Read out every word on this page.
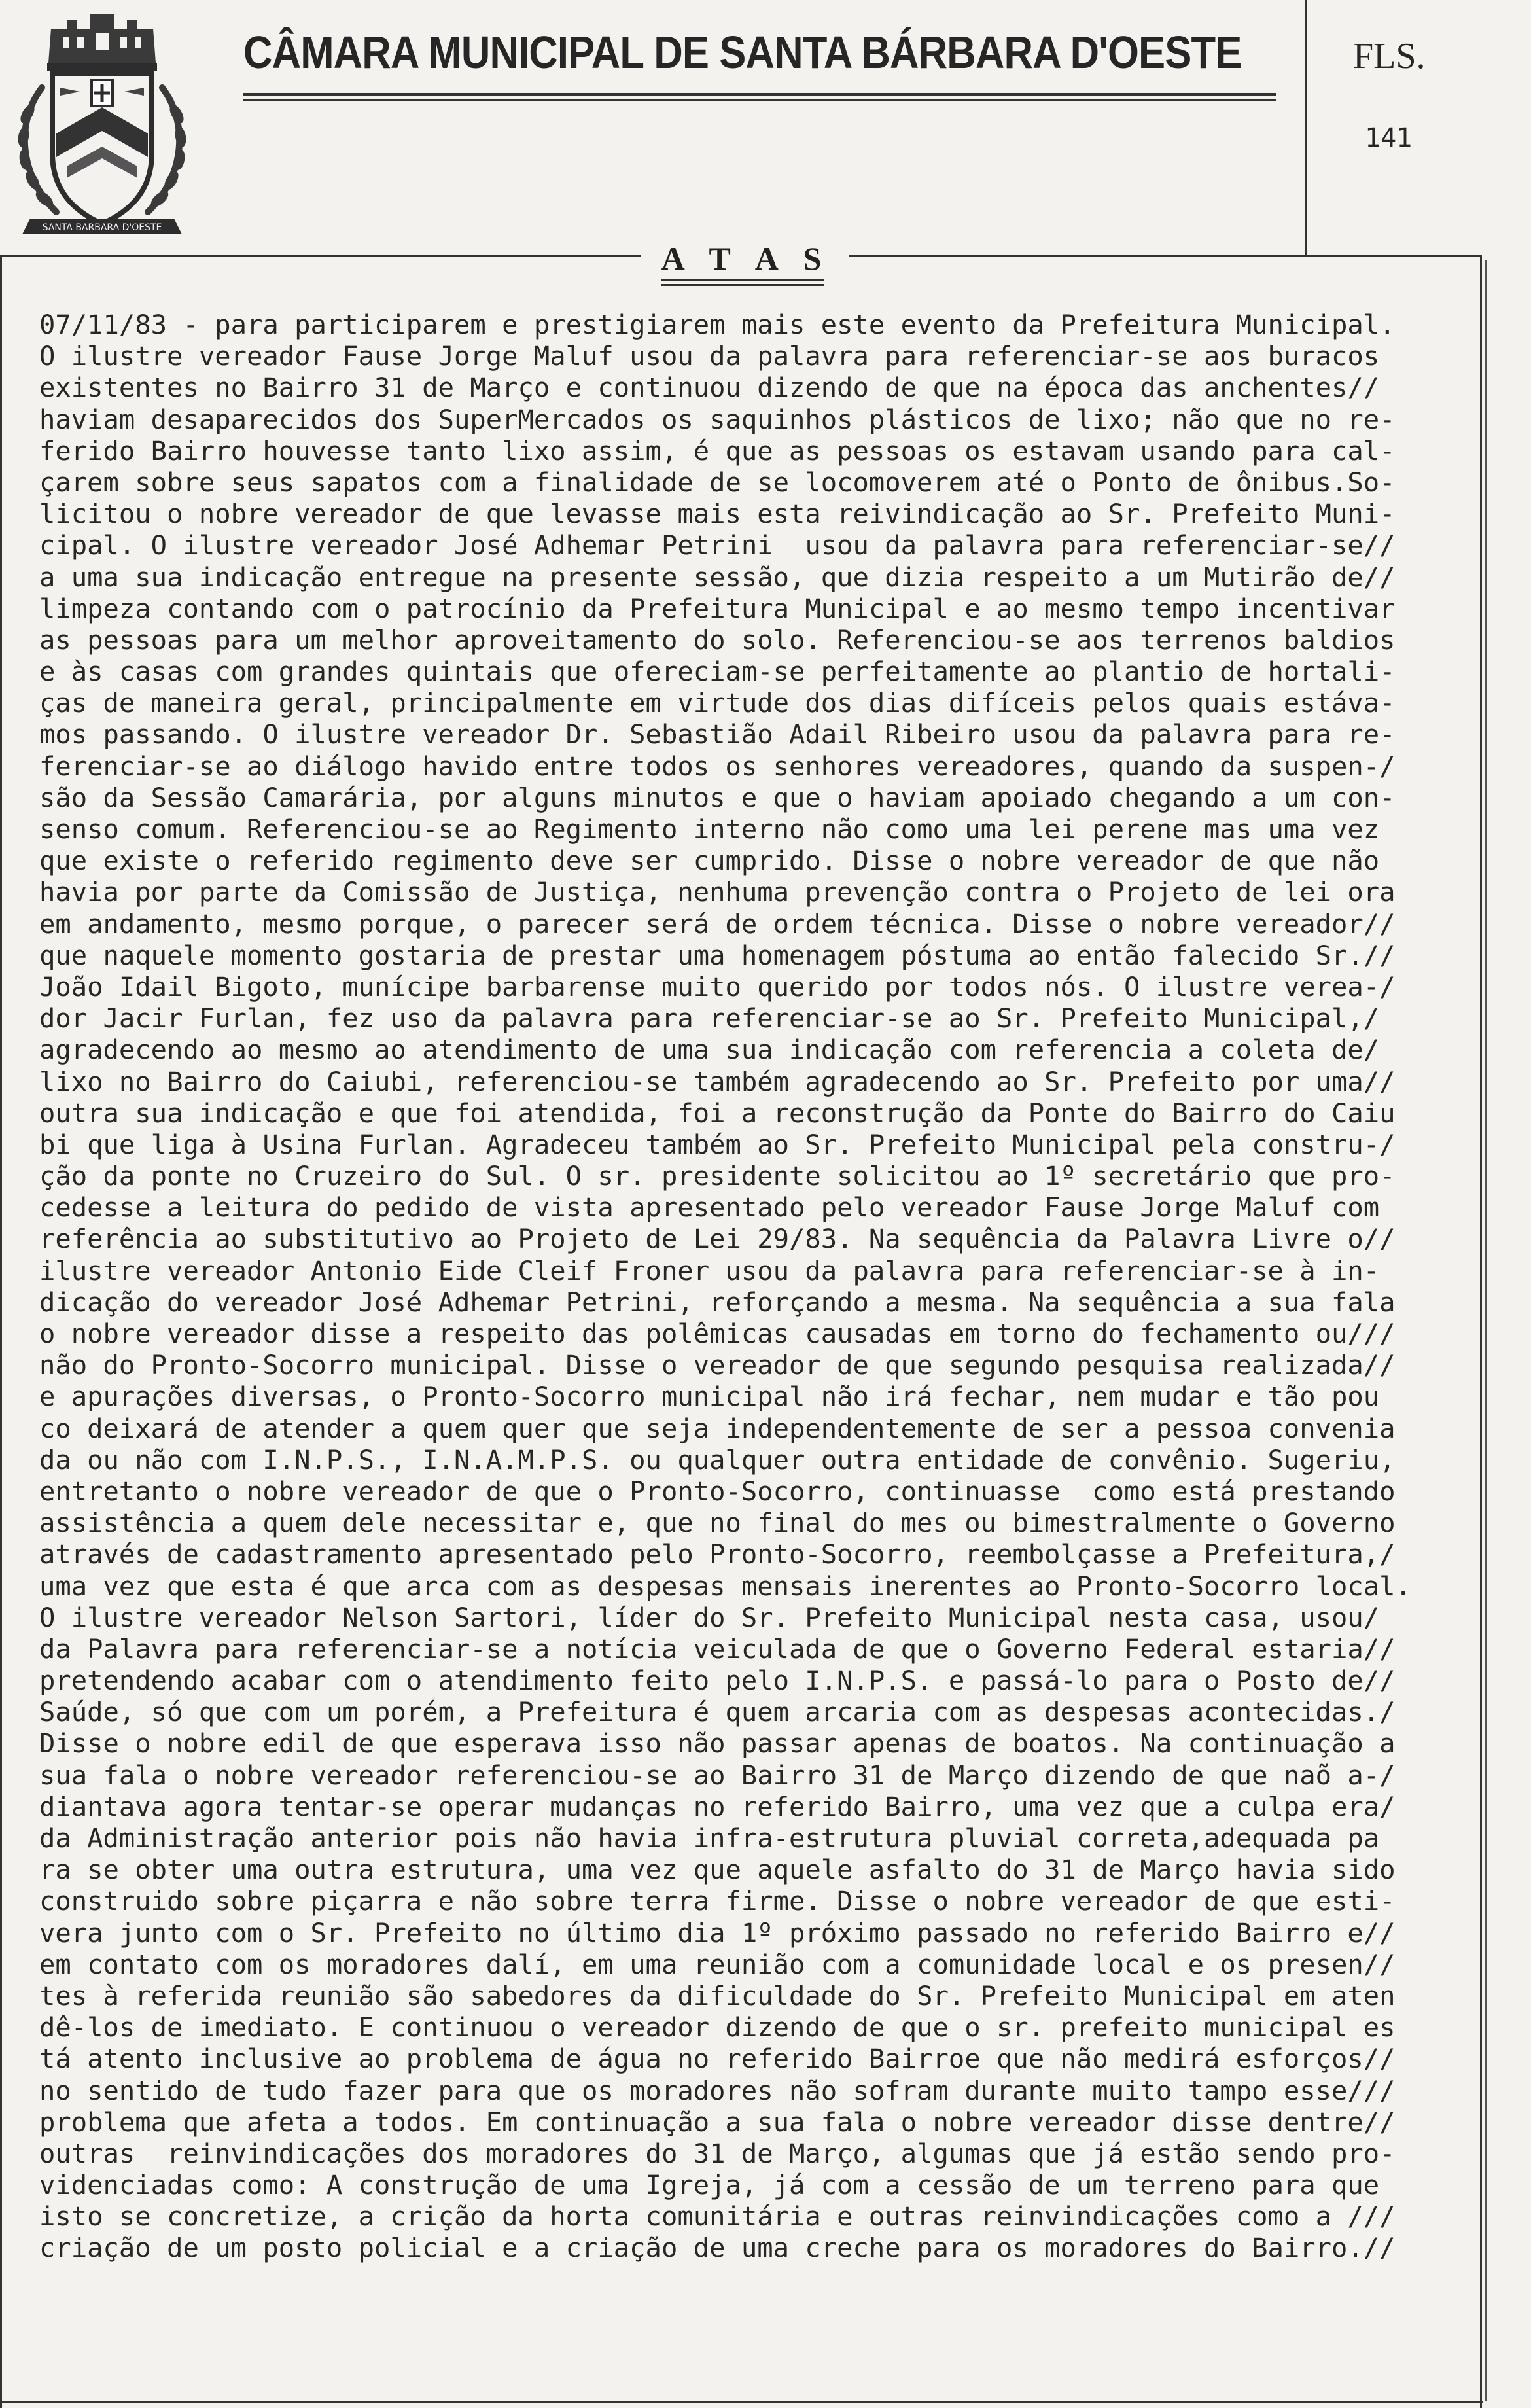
SANTA BARBARA D'OESTE
CÂMARA MUNICIPAL DE SANTA BÁRBARA D'OESTE	FLS.

141

A T A S
07/11/83 - para participarem e prestigiarem mais este evento da Prefeitura Municipal.
O ilustre vereador Fause Jorge Maluf usou da palavra para referenciar-se aos buracos
existentes no Bairro 31 de Março e continuou dizendo de que na época das anchentes//
haviam desaparecidos dos SuperMercados os saquinhos plásticos de lixo; não que no re-
ferido Bairro houvesse tanto lixo assim, é que as pessoas os estavam usando para cal-
çarem sobre seus sapatos com a finalidade de se locomoverem até o Ponto de ônibus.So-
licitou o nobre vereador de que levasse mais esta reivindicação ao Sr. Prefeito Muni-
cipal. O ilustre vereador José Adhemar Petrini  usou da palavra para referenciar-se//
a uma sua indicação entregue na presente sessão, que dizia respeito a um Mutirão de//
limpeza contando com o patrocínio da Prefeitura Municipal e ao mesmo tempo incentivar
as pessoas para um melhor aproveitamento do solo. Referenciou-se aos terrenos baldios
e às casas com grandes quintais que ofereciam-se perfeitamente ao plantio de hortali-
ças de maneira geral, principalmente em virtude dos dias difíceis pelos quais estáva-
mos passando. O ilustre vereador Dr. Sebastião Adail Ribeiro usou da palavra para re-
ferenciar-se ao diálogo havido entre todos os senhores vereadores, quando da suspen-/
são da Sessão Camarária, por alguns minutos e que o haviam apoiado chegando a um con-
senso comum. Referenciou-se ao Regimento interno não como uma lei perene mas uma vez
que existe o referido regimento deve ser cumprido. Disse o nobre vereador de que não
havia por parte da Comissão de Justiça, nenhuma prevenção contra o Projeto de lei ora
em andamento, mesmo porque, o parecer será de ordem técnica. Disse o nobre vereador//
que naquele momento gostaria de prestar uma homenagem póstuma ao então falecido Sr.//
João Idail Bigoto, munícipe barbarense muito querido por todos nós. O ilustre verea-/
dor Jacir Furlan, fez uso da palavra para referenciar-se ao Sr. Prefeito Municipal,/
agradecendo ao mesmo ao atendimento de uma sua indicação com referencia a coleta de/
lixo no Bairro do Caiubi, referenciou-se também agradecendo ao Sr. Prefeito por uma//
outra sua indicação e que foi atendida, foi a reconstrução da Ponte do Bairro do Caiu
bi que liga à Usina Furlan. Agradeceu também ao Sr. Prefeito Municipal pela constru-/
ção da ponte no Cruzeiro do Sul. O sr. presidente solicitou ao 1º secretário que pro-
cedesse a leitura do pedido de vista apresentado pelo vereador Fause Jorge Maluf com
referência ao substitutivo ao Projeto de Lei 29/83. Na sequência da Palavra Livre o//
ilustre vereador Antonio Eide Cleif Froner usou da palavra para referenciar-se à in-
dicação do vereador José Adhemar Petrini, reforçando a mesma. Na sequência a sua fala
o nobre vereador disse a respeito das polêmicas causadas em torno do fechamento ou///
não do Pronto-Socorro municipal. Disse o vereador de que segundo pesquisa realizada//
e apurações diversas, o Pronto-Socorro municipal não irá fechar, nem mudar e tão pou
co deixará de atender a quem quer que seja independentemente de ser a pessoa convenia
da ou não com I.N.P.S., I.N.A.M.P.S. ou qualquer outra entidade de convênio. Sugeriu,
entretanto o nobre vereador de que o Pronto-Socorro, continuasse  como está prestando
assistência a quem dele necessitar e, que no final do mes ou bimestralmente o Governo
através de cadastramento apresentado pelo Pronto-Socorro, reembolçasse a Prefeitura,/
uma vez que esta é que arca com as despesas mensais inerentes ao Pronto-Socorro local.
O ilustre vereador Nelson Sartori, líder do Sr. Prefeito Municipal nesta casa, usou/
da Palavra para referenciar-se a notícia veiculada de que o Governo Federal estaria//
pretendendo acabar com o atendimento feito pelo I.N.P.S. e passá-lo para o Posto de//
Saúde, só que com um porém, a Prefeitura é quem arcaria com as despesas acontecidas./
Disse o nobre edil de que esperava isso não passar apenas de boatos. Na continuação a
sua fala o nobre vereador referenciou-se ao Bairro 31 de Março dizendo de que naõ a-/
diantava agora tentar-se operar mudanças no referido Bairro, uma vez que a culpa era/
da Administração anterior pois não havia infra-estrutura pluvial correta,adequada pa
ra se obter uma outra estrutura, uma vez que aquele asfalto do 31 de Março havia sido
construido sobre piçarra e não sobre terra firme. Disse o nobre vereador de que esti-
vera junto com o Sr. Prefeito no último dia 1º próximo passado no referido Bairro e//
em contato com os moradores dalí, em uma reunião com a comunidade local e os presen//
tes à referida reunião são sabedores da dificuldade do Sr. Prefeito Municipal em aten
dê-los de imediato. E continuou o vereador dizendo de que o sr. prefeito municipal es
tá atento inclusive ao problema de água no referido Bairroe que não medirá esforços//
no sentido de tudo fazer para que os moradores não sofram durante muito tampo esse///
problema que afeta a todos. Em continuação a sua fala o nobre vereador disse dentre//
outras  reinvindicações dos moradores do 31 de Março, algumas que já estão sendo pro-
videnciadas como: A construção de uma Igreja, já com a cessão de um terreno para que
isto se concretize, a crição da horta comunitária e outras reinvindicações como a ///
criação de um posto policial e a criação de uma creche para os moradores do Bairro.//
